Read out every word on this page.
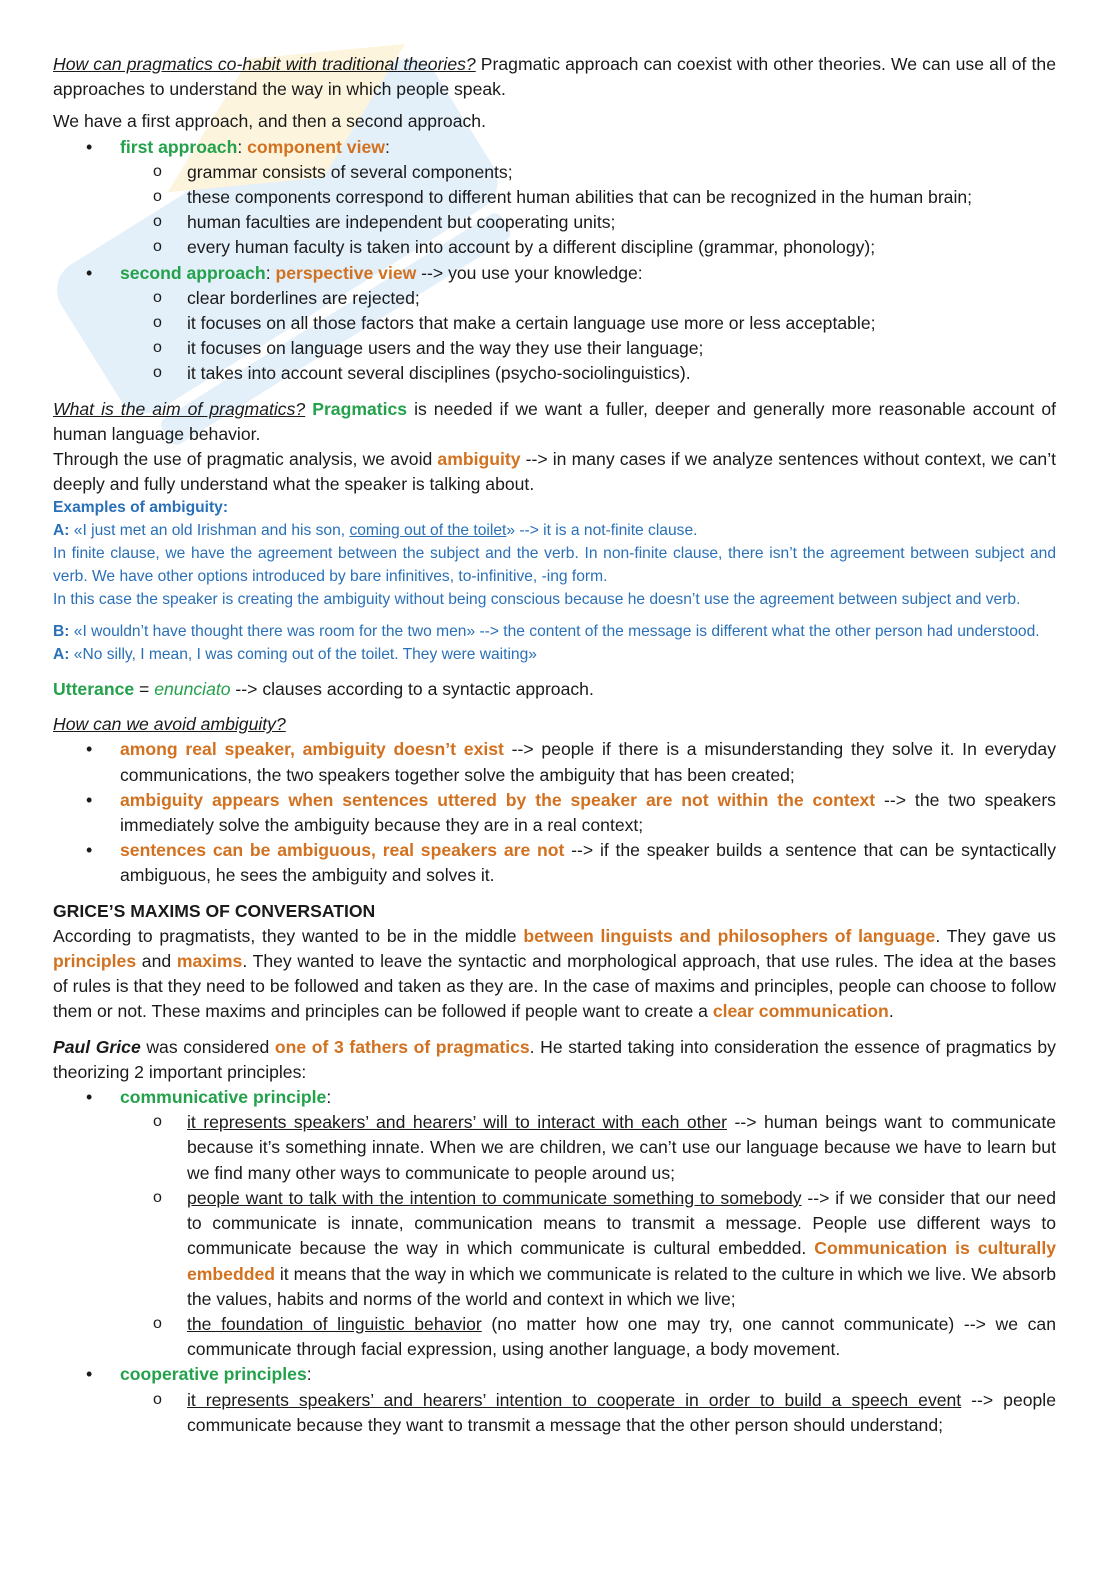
How can pragmatics co-habit with traditional theories? Pragmatic approach can coexist with other theories. We can use all of the approaches to understand the way in which people speak.

We have a first approach, and then a second approach.

• first approach: component view:
o grammar consists of several components;
o these components correspond to different human abilities that can be recognized in the human brain;
o human faculties are independent but cooperating units;
o every human faculty is taken into account by a different discipline (grammar, phonology);
• second approach: perspective view --> you use your knowledge:
o clear borderlines are rejected;
o it focuses on all those factors that make a certain language use more or less acceptable;
o it focuses on language users and the way they use their language;
o it takes into account several disciplines (psycho-sociolinguistics).

What is the aim of pragmatics? Pragmatics is needed if we want a fuller, deeper and generally more reasonable account of human language behavior.

Through the use of pragmatic analysis, we avoid ambiguity --> in many cases if we analyze sentences without context, we can’t deeply and fully understand what the speaker is talking about.

Examples of ambiguity:

A: «I just met an old Irishman and his son, coming out of the toilet» --> it is a not-finite clause.

In finite clause, we have the agreement between the subject and the verb. In non-finite clause, there isn’t the agreement between subject and verb. We have other options introduced by bare infinitives, to-infinitive, -ing form.

In this case the speaker is creating the ambiguity without being conscious because he doesn’t use the agreement between subject and verb.

B: «I wouldn’t have thought there was room for the two men» --> the content of the message is different what the other person had understood.

A: «No silly, I mean, I was coming out of the toilet. They were waiting»

Utterance = enunciato --> clauses according to a syntactic approach.

How can we avoid ambiguity?

• among real speaker, ambiguity doesn’t exist --> people if there is a misunderstanding they solve it. In everyday communications, the two speakers together solve the ambiguity that has been created;
• ambiguity appears when sentences uttered by the speaker are not within the context --> the two speakers immediately solve the ambiguity because they are in a real context;
• sentences can be ambiguous, real speakers are not --> if the speaker builds a sentence that can be syntactically ambiguous, he sees the ambiguity and solves it.

GRICE’S MAXIMS OF CONVERSATION

According to pragmatists, they wanted to be in the middle between linguists and philosophers of language. They gave us principles and maxims. They wanted to leave the syntactic and morphological approach, that use rules. The idea at the bases of rules is that they need to be followed and taken as they are. In the case of maxims and principles, people can choose to follow them or not. These maxims and principles can be followed if people want to create a clear communication.

Paul Grice was considered one of 3 fathers of pragmatics. He started taking into consideration the essence of pragmatics by theorizing 2 important principles:

• communicative principle:
o it represents speakers’ and hearers’ will to interact with each other --> human beings want to communicate because it’s something innate. When we are children, we can’t use our language because we have to learn but we find many other ways to communicate to people around us;
o people want to talk with the intention to communicate something to somebody --> if we consider that our need to communicate is innate, communication means to transmit a message. People use different ways to communicate because the way in which communicate is cultural embedded. Communication is culturally embedded it means that the way in which we communicate is related to the culture in which we live. We absorb the values, habits and norms of the world and context in which we live;
o the foundation of linguistic behavior (no matter how one may try, one cannot communicate) --> we can communicate through facial expression, using another language, a body movement.
• cooperative principles:
o it represents speakers’ and hearers’ intention to cooperate in order to build a speech event --> people communicate because they want to transmit a message that the other person should understand;
